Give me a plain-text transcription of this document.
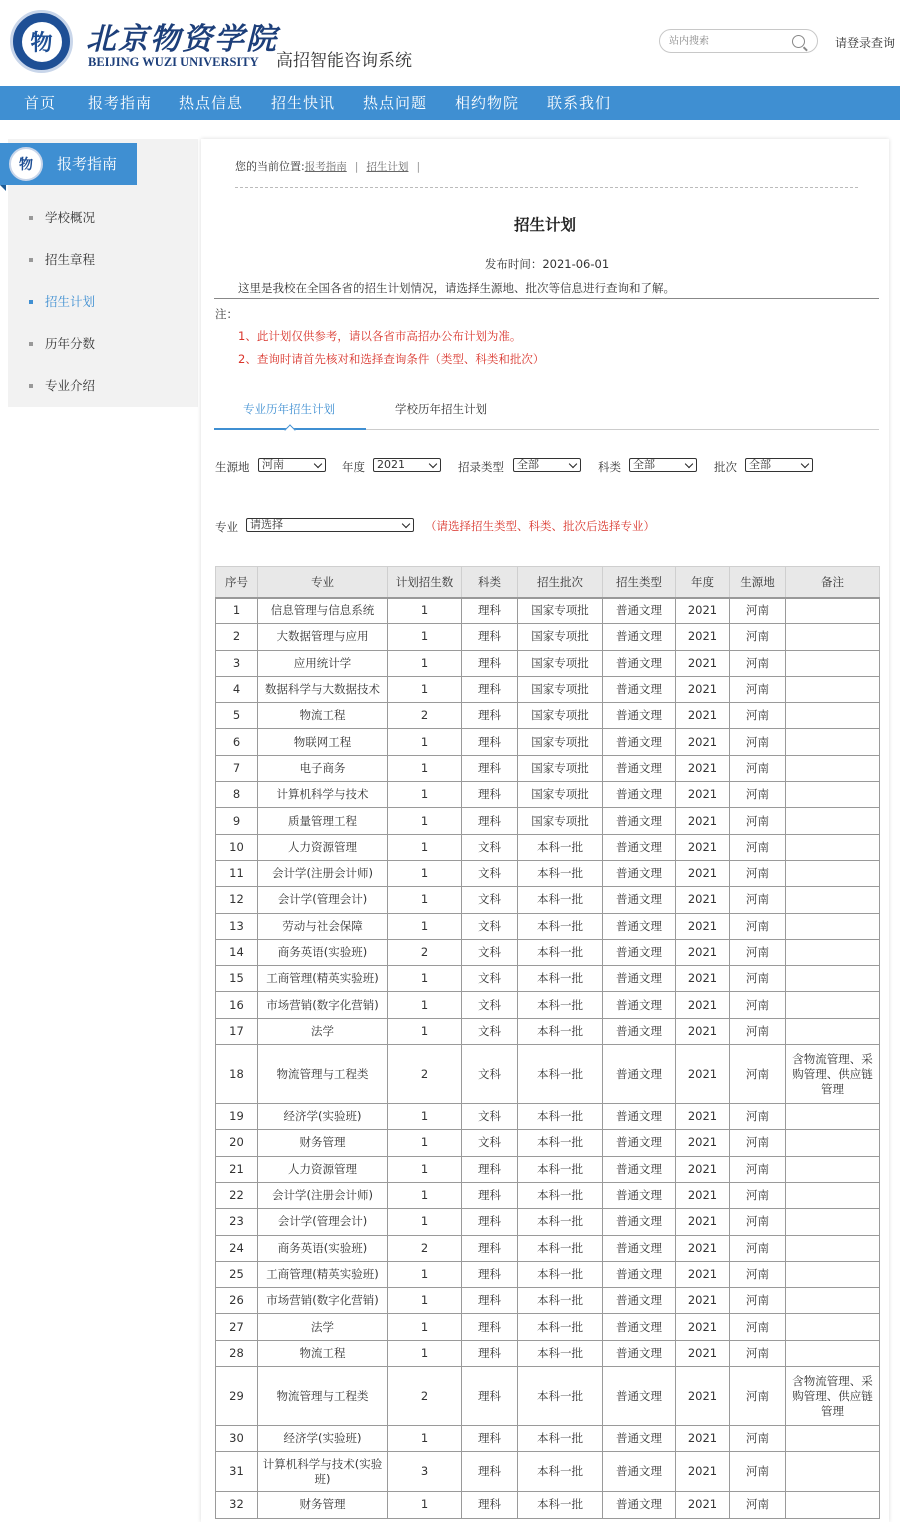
物	北京物资学院
BEIJING WUZI UNIVERSITY 高招智能咨询系统
站内搜索
请登录查询
首页 报考指南 热点信息 招生快讯 热点问题 相约物院 联系我们
物	报考指南
学校概况
招生章程
招生计划
历年分数
专业介绍
您的当前位置:报考指南 | 招生计划 |
招生计划
发布时间：2021-06-01
这里是我校在全国各省的招生计划情况，请选择生源地、批次等信息进行查询和了解。
注：
1、此计划仅供参考，请以各省市高招办公布计划为准。
2、查询时请首先核对和选择查询条件（类型、科类和批次）
专业历年招生计划	学校历年招生计划
生源地	河南	年度	2021	招录类型	全部	科类	全部	批次	全部
专业	请选择	（请选择招生类型、科类、批次后选择专业）
序号	专业	计划招生数	科类	招生批次	招生类型	年度	生源地	备注
1	信息管理与信息系统	1	理科	国家专项批	普通文理	2021	河南	
2	大数据管理与应用	1	理科	国家专项批	普通文理	2021	河南	
3	应用统计学	1	理科	国家专项批	普通文理	2021	河南	
4	数据科学与大数据技术	1	理科	国家专项批	普通文理	2021	河南	
5	物流工程	2	理科	国家专项批	普通文理	2021	河南	
6	物联网工程	1	理科	国家专项批	普通文理	2021	河南	
7	电子商务	1	理科	国家专项批	普通文理	2021	河南	
8	计算机科学与技术	1	理科	国家专项批	普通文理	2021	河南	
9	质量管理工程	1	理科	国家专项批	普通文理	2021	河南	
10	人力资源管理	1	文科	本科一批	普通文理	2021	河南	
11	会计学(注册会计师)	1	文科	本科一批	普通文理	2021	河南	
12	会计学(管理会计)	1	文科	本科一批	普通文理	2021	河南	
13	劳动与社会保障	1	文科	本科一批	普通文理	2021	河南	
14	商务英语(实验班)	2	文科	本科一批	普通文理	2021	河南	
15	工商管理(精英实验班)	1	文科	本科一批	普通文理	2021	河南	
16	市场营销(数字化营销)	1	文科	本科一批	普通文理	2021	河南	
17	法学	1	文科	本科一批	普通文理	2021	河南	
18	物流管理与工程类	2	文科	本科一批	普通文理	2021	河南	含物流管理、采购管理、供应链管理
19	经济学(实验班)	1	文科	本科一批	普通文理	2021	河南	
20	财务管理	1	文科	本科一批	普通文理	2021	河南	
21	人力资源管理	1	理科	本科一批	普通文理	2021	河南	
22	会计学(注册会计师)	1	理科	本科一批	普通文理	2021	河南	
23	会计学(管理会计)	1	理科	本科一批	普通文理	2021	河南	
24	商务英语(实验班)	2	理科	本科一批	普通文理	2021	河南	
25	工商管理(精英实验班)	1	理科	本科一批	普通文理	2021	河南	
26	市场营销(数字化营销)	1	理科	本科一批	普通文理	2021	河南	
27	法学	1	理科	本科一批	普通文理	2021	河南	
28	物流工程	1	理科	本科一批	普通文理	2021	河南	
29	物流管理与工程类	2	理科	本科一批	普通文理	2021	河南	含物流管理、采购管理、供应链管理
30	经济学(实验班)	1	理科	本科一批	普通文理	2021	河南	
31	计算机科学与技术(实验班)	3	理科	本科一批	普通文理	2021	河南	
32	财务管理	1	理科	本科一批	普通文理	2021	河南	
